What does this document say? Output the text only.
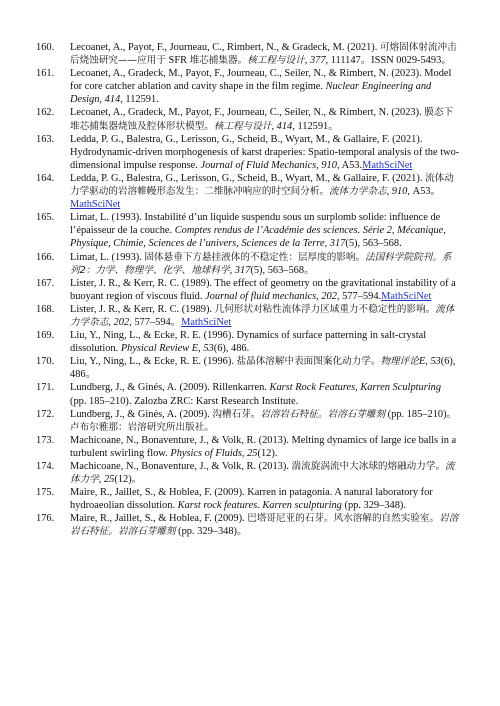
160. Lecoanet, A., Payot, F., Journeau, C., Rimbert, N., & Gradeck, M. (2021). 可熔固体射流冲击后烧蚀研究——应用于 SFR 堆芯捕集器。核工程与设计, 377, 111147。ISSN 0029-5493。
161. Lecoanet, A., Gradeck, M., Payot, F., Journeau, C., Seiler, N., & Rimbert, N. (2023). Model for core catcher ablation and cavity shape in the film regime. Nuclear Engineering and Design, 414, 112591.
162. Lecoanet, A., Gradeck, M., Payot, F., Journeau, C., Seiler, N., & Rimbert, N. (2023). 膜态下堆芯捕集器烧蚀及腔体形状模型。核工程与设计, 414, 112591。
163. Ledda, P. G., Balestra, G., Lerisson, G., Scheid, B., Wyart, M., & Gallaire, F. (2021). Hydrodynamic-driven morphogenesis of karst draperies: Spatio-temporal analysis of the two-dimensional impulse response. Journal of Fluid Mechanics, 910, A53.MathSciNet
164. Ledda, P. G., Balestra, G., Lerisson, G., Scheid, B., Wyart, M., & Gallaire, F. (2021). 流体动力学驱动的岩溶帷幔形态发生：二维脉冲响应的时空间分析。流体力学杂志, 910, A53。MathSciNet
165. Limat, L. (1993). Instabilité d’un liquide suspendu sous un surplomb solide: influence de l’épaisseur de la couche. Comptes rendus de l’Académie des sciences. Série 2, Mécanique, Physique, Chimie, Sciences de l’univers, Sciences de la Terre, 317(5), 563–568.
166. Limat, L. (1993). 固体悬垂下方悬挂液体的不稳定性：层厚度的影响。法国科学院院刊。系列2：力学、物理学、化学、地球科学, 317(5), 563–568。
167. Lister, J. R., & Kerr, R. C. (1989). The effect of geometry on the gravitational instability of a buoyant region of viscous fluid. Journal of fluid mechanics, 202, 577–594.MathSciNet
168. Lister, J. R., & Kerr, R. C. (1989). 几何形状对粘性流体浮力区域重力不稳定性的影响。流体力学杂志, 202, 577–594。MathSciNet
169. Liu, Y., Ning, L., & Ecke, R. E. (1996). Dynamics of surface patterning in salt-crystal dissolution. Physical Review E, 53(6), 486.
170. Liu, Y., Ning, L., & Ecke, R. E. (1996). 盐晶体溶解中表面图案化动力学。物理评论E, 53(6), 486。
171. Lundberg, J., & Ginés, A. (2009). Rillenkarren. Karst Rock Features, Karren Sculpturing (pp. 185–210). Zalozba ZRC: Karst Research Institute.
172. Lundberg, J., & Ginés, A. (2009). 沟槽石芽。岩溶岩石特征。岩溶石芽雕刻 (pp. 185–210)。卢布尔雅那：岩溶研究所出版社。
173. Machicoane, N., Bonaventure, J., & Volk, R. (2013). Melting dynamics of large ice balls in a turbulent swirling flow. Physics of Fluids, 25(12).
174. Machicoane, N., Bonaventure, J., & Volk, R. (2013). 湍流旋涡流中大冰球的熔融动力学。流体力学, 25(12)。
175. Maire, R., Jaillet, S., & Hoblea, F. (2009). Karren in patagonia. A natural laboratory for hydroaeolian dissolution. Karst rock features. Karren sculpturing (pp. 329–348).
176. Maire, R., Jaillet, S., & Hoblea, F. (2009). 巴塔哥尼亚的石芽。风水溶解的自然实验室。岩溶岩石特征。岩溶石芽雕刻 (pp. 329–348)。
